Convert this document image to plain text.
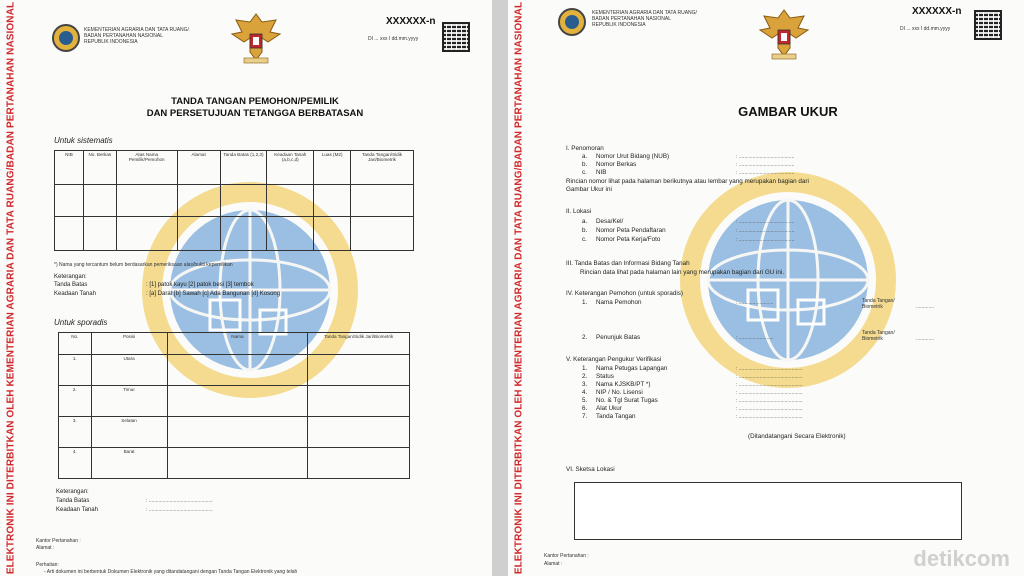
ELEKTRONIK INI DITERBITKAN OLEH KEMENTERIAN AGRARIA DAN TATA RUANG/BADAN PERTANAHAN NASIONAL	KEMENTERIAN AGRARIA DAN TATA RUANG/
BADAN PERTANAHAN NASIONAL
REPUBLIK INDONESIA
XXXXXX-n
DI ... xxx I dd.mm.yyyy
TANDA TANGAN PEMOHON/PEMILIK
DAN PERSETUJUAN TETANGGA BERBATASAN
Untuk sistematis
NIB	No. Berkas	Atas Nama Pemilik/Pemohon	Alamat	Tanda Batas (1,2,3)	Keadaan Tanah (a,b,c,d)	Luas (M2)	Tanda Tangan/Sidik Jari/Biometrik

*) Nama yang tercantum belum berdasarkan pemeriksaan alas/bukti kepemilikan
Keterangan:
Tanda Batas	: [1] patok kayu [2] patok besi [3] tembok
Keadaan Tanah	: [a] Darat [b] Sawah [c] Ada Bangunan [d] Kosong
Untuk sporadis
No.	Posisi	Nama	Tanda Tangan/Sidik Jari/Biometrik
1.	Utara		
2.	Timur		
3.	Selatan		
4.	Barat		
Keterangan:
Tanda Batas	: ..............................................
Keadaan Tanah	: ..............................................
Kantor Pertanahan :
Alamat :
Perhatian:
- Arti dokumen ini berbentuk Dokumen Elektronik yang ditandatangani dengan Tanda Tangan Elektronik yang telah	ELEKTRONIK INI DITERBITKAN OLEH KEMENTERIAN AGRARIA DAN TATA RUANG/BADAN PERTANAHAN NASIONAL	KEMENTERIAN AGRARIA DAN TATA RUANG/
BADAN PERTANAHAN NASIONAL
REPUBLIK INDONESIA
XXXXXX-n
DI ... xxx I dd.mm.yyyy
GAMBAR UKUR
I. Penomoran
a. Nomor Urut Bidang (NUB)	: ........................................
b. Nomor Berkas	: ........................................
c. NIB	: ........................................
Rincian nomor lihat pada halaman berikutnya atau lembar yang merupakan bagian dari
Gambar Ukur ini
II. Lokasi
a. Desa/Kel/	: ........................................
b. Nomor Peta Pendaftaran	: ........................................
c. Nomor Peta Kerja/Foto	: ........................................
III. Tanda Batas dan Informasi Bidang Tanah
Rincian data lihat pada halaman lain yang merupakan bagian dari GU ini.
IV. Keterangan Pemohon (untuk sporadis)
1. Nama Pemohon	: .........................	Tanda Tangan/ Biometrik	.............
2. Penunjuk Batas	: .........................
Tanda Tangan/ Biometrik	.............
V. Keterangan Pengukur Verifikasi
1. Nama Petugas Lapangan	: ..............................................
2. Status	: ..............................................
3. Nama KJSKB/PT *)	: ..............................................
4. NIP / No. Lisensi	: ..............................................
5. No. & Tgl Surat Tugas	: ..............................................
6. Alat Ukur	: ..............................................
7. Tanda Tangan	: ..............................................
(Ditandatangani Secara Elektronik)
VI. Sketsa Lokasi
Kantor Pertanahan :
Alamat :	detikcom
